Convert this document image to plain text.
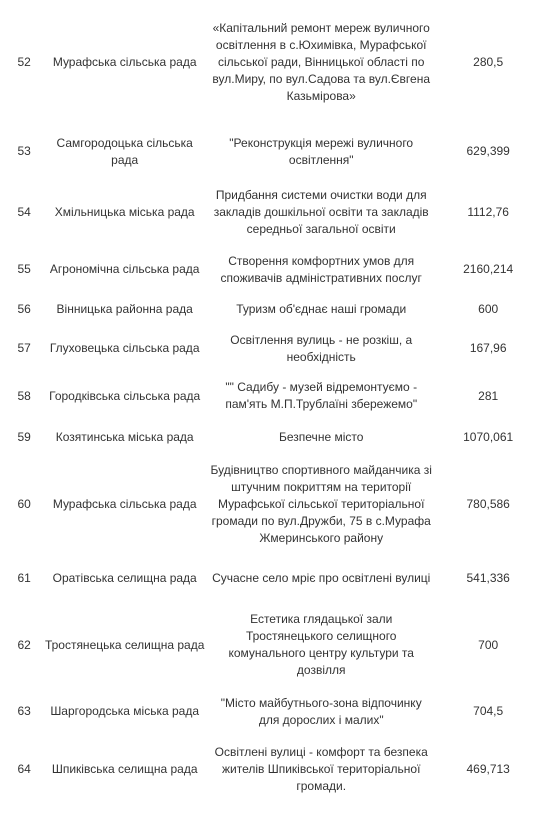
52	Мурафська сільська рада	«Капітальний ремонт мереж вуличного освітлення в с.Юхимівка, Мурафської сільської ради, Вінницької області по вул.Миру, по вул.Садова та вул.Євгена Казьмірова»	280,5
53	Самгородоцька сільська рада	"Реконструкція мережі вуличного освітлення"	629,399
54	Хмільницька міська рада	Придбання системи очистки води для закладів дошкільної освіти та закладів середньої загальної освіти	1112,76
55	Агрономічна сільська рада	Створення комфортних умов для споживачів адміністративних послуг	2160,214
56	Вінницька районна рада	Туризм об'єднає наші громади	600
57	Глуховецька сільська рада	Освітлення вулиць - не розкіш, а необхідність	167,96
58	Городківська сільська рада	"" Садибу - музей відремонтуємо - пам'ять М.П.Трублаїні збережемо"	281
59	Козятинська міська рада	Безпечне місто	1070,061
60	Мурафська сільська рада	Будівництво спортивного майданчика зі штучним покриттям на території Мурафської сільської територіальної громади по вул.Дружби, 75 в с.Мурафа Жмеринського району	780,586
61	Оратівська селищна рада	Сучасне село мріє про освітлені вулиці	541,336
62	Тростянецька селищна рада	Естетика глядацької зали Тростянецького селищного комунального центру культури та дозвілля	700
63	Шаргородська міська рада	"Місто майбутнього-зона відпочинку для дорослих і малих"	704,5
64	Шпиківська селищна рада	Освітлені вулиці - комфорт та безпека жителів Шпиківської територіальної громади.	469,713
